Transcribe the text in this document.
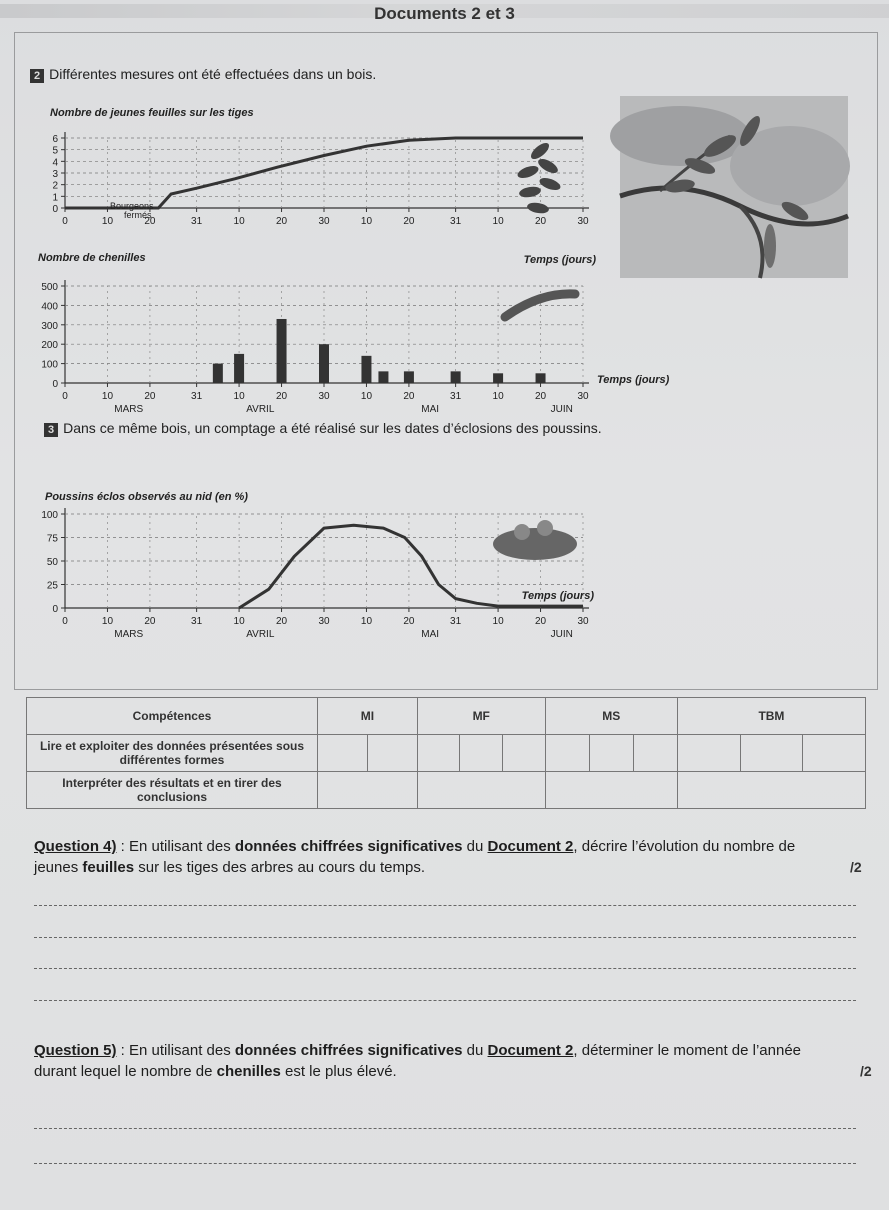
Documents 2 et 3
2 Différentes mesures ont été effectuées dans un bois.
Nombre de jeunes feuilles sur les tiges
0
1
2
3
4
5
6
0	10	20	31	10	20	30	10	20	31	10	20	30
Temps (jours)
Bourgeons
fermés
Nombre de chenilles
0
100
200
300
400
500
0	10	20	31	10	20	30	10	20	31	10	20	30
MARS	AVRIL	MAI	JUIN
Temps (jours)
3 Dans ce même bois, un comptage a été réalisé sur les dates d’éclosions des poussins.
Poussins éclos observés au nid (en %)
0
25
50
75
100
0	10	20	31	10	20	30	10	20	31	10	20	30
MARS	AVRIL	MAI	JUIN
Temps (jours)
Compétences	MI		MF			MS			TBM		
Lire et exploiter des données présentées sous différentes formes											
Interpréter des résultats et en tirer des conclusions											
Question 4) : En utilisant des données chiffrées significatives du Document 2, décrire l’évolution du nombre de jeunes feuilles sur les tiges des arbres au cours du temps.	/2
Question 5) : En utilisant des données chiffrées significatives du Document 2, déterminer le moment de l’année durant lequel le nombre de chenilles est le plus élevé.	/2
